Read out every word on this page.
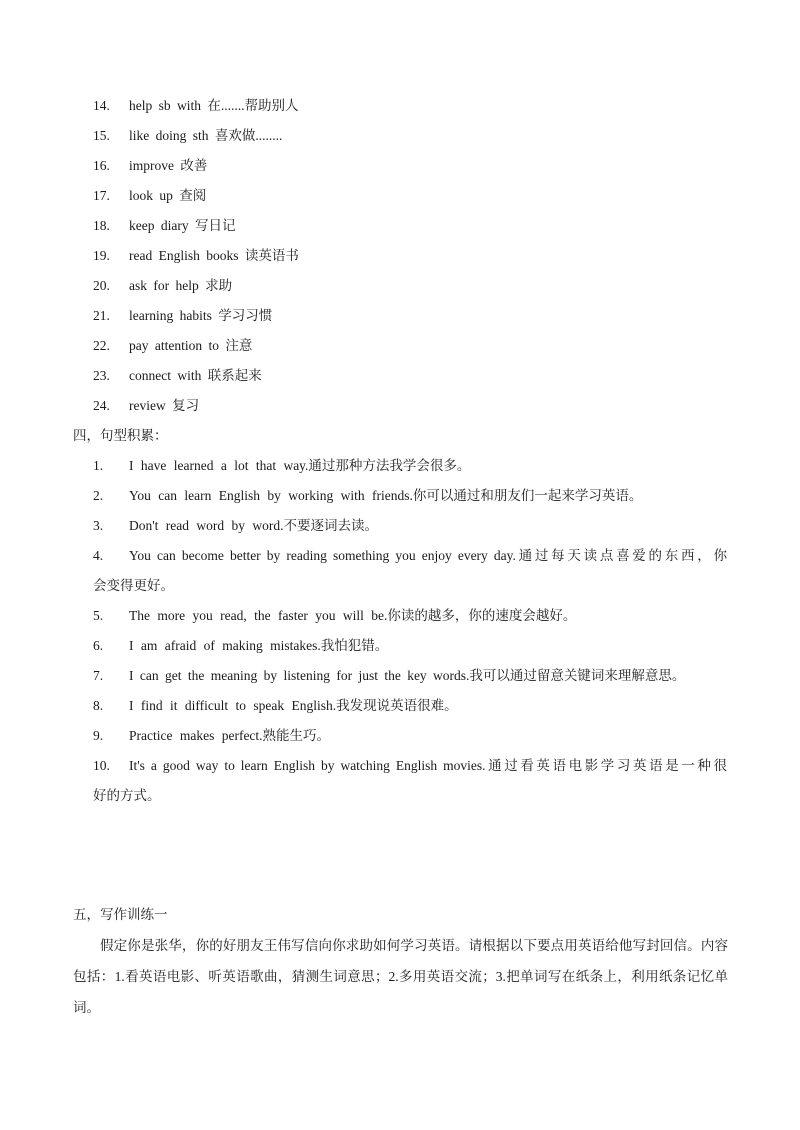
14. help sb with 在.......帮助别人
15. like doing sth 喜欢做........
16. improve 改善
17. look up 查阅
18. keep diary 写日记
19. read English books 读英语书
20. ask for help 求助
21. learning habits 学习习惯
22. pay attention to 注意
23. connect with 联系起来
24. review 复习
四，句型积累：
1. I have learned a lot that way.通过那种方法我学会很多。
2. You can learn English by working with friends.你可以通过和朋友们一起来学习英语。
3. Don't read word by word.不要逐词去读。
4. You can become better by reading something you enjoy every day.通过每天读点喜爱的东西，你
会变得更好。
5. The more you read, the faster you will be.你读的越多，你的速度会越好。
6. I am afraid of making mistakes.我怕犯错。
7. I can get the meaning by listening for just the key words.我可以通过留意关键词来理解意思。
8. I find it difficult to speak English.我发现说英语很难。
9. Practice makes perfect.熟能生巧。
10. It's a good way to learn English by watching English movies.通过看英语电影学习英语是一种很
好的方式。
五，写作训练一
假定你是张华，你的好朋友王伟写信向你求助如何学习英语。请根据以下要点用英语给他写封回信。内容包括：1.看英语电影、听英语歌曲，猜测生词意思；2.多用英语交流；3.把单词写在纸条上，利用纸条记忆单词。
